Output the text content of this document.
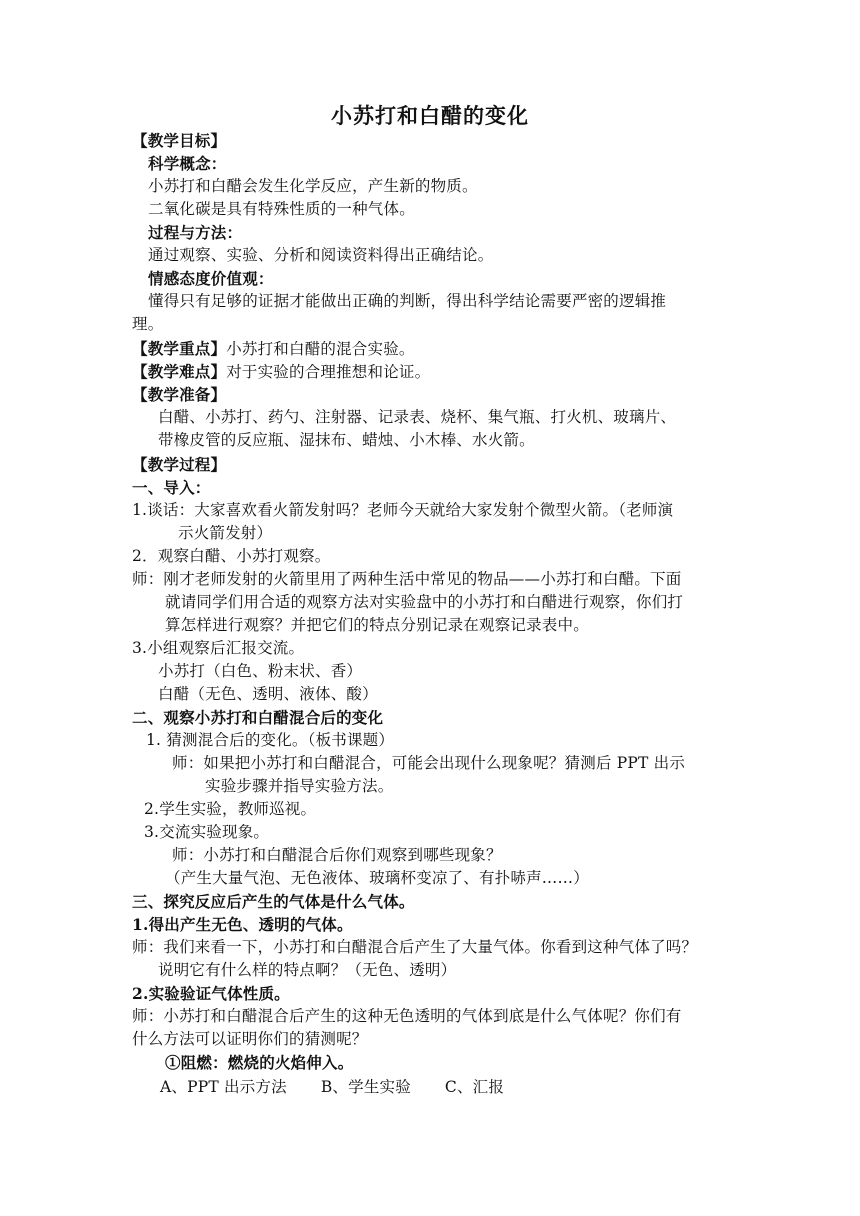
小苏打和白醋的变化
【教学目标】
科学概念：
小苏打和白醋会发生化学反应，产生新的物质。
二氧化碳是具有特殊性质的一种气体。
过程与方法：
通过观察、实验、分析和阅读资料得出正确结论。
情感态度价值观：
懂得只有足够的证据才能做出正确的判断，得出科学结论需要严密的逻辑推
理。
【教学重点】小苏打和白醋的混合实验。
【教学难点】对于实验的合理推想和论证。
【教学准备】
白醋、小苏打、药勺、注射器、记录表、烧杯、集气瓶、打火机、玻璃片、
带橡皮管的反应瓶、湿抹布、蜡烛、小木棒、水火箭。
【教学过程】
一、导入：
1.谈话：大家喜欢看火箭发射吗？老师今天就给大家发射个微型火箭。（老师演
示火箭发射）
2．观察白醋、小苏打观察。
师：刚才老师发射的火箭里用了两种生活中常见的物品——小苏打和白醋。下面
就请同学们用合适的观察方法对实验盘中的小苏打和白醋进行观察，你们打
算怎样进行观察？并把它们的特点分别记录在观察记录表中。
3.小组观察后汇报交流。
小苏打（白色、粉末状、香）
白醋（无色、透明、液体、酸）
二、观察小苏打和白醋混合后的变化
1. 猜测混合后的变化。（板书课题）
师：如果把小苏打和白醋混合，可能会出现什么现象呢？猜测后 PPT 出示
实验步骤并指导实验方法。
2.学生实验，教师巡视。
3.交流实验现象。
师：小苏打和白醋混合后你们观察到哪些现象？
（产生大量气泡、无色液体、玻璃杯变凉了、有扑哧声……）
三、探究反应后产生的气体是什么气体。
1.得出产生无色、透明的气体。
师：我们来看一下，小苏打和白醋混合后产生了大量气体。你看到这种气体了吗？
说明它有什么样的特点啊？（无色、透明）
2.实验验证气体性质。
师：小苏打和白醋混合后产生的这种无色透明的气体到底是什么气体呢？你们有
什么方法可以证明你们的猜测呢？
①阻燃：燃烧的火焰伸入。
A、PPT 出示方法 B、学生实验 C、汇报
